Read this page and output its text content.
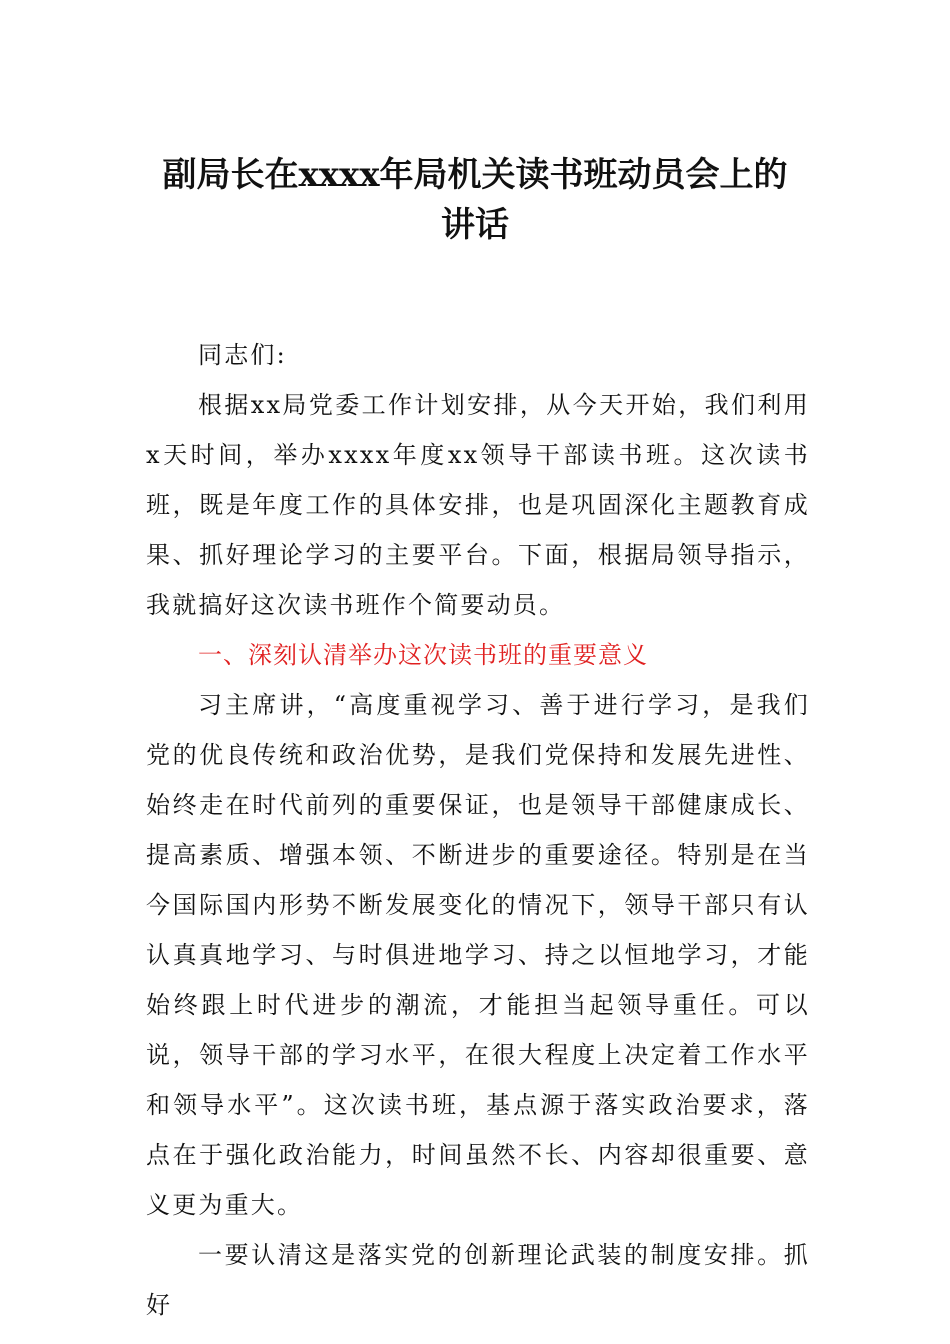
副局长在xxxx年局机关读书班动员会上的
讲话

同志们:

根据xx局党委工作计划安排，从今天开始，我们利用x天时间，举办xxxx年度xx领导干部读书班。这次读书班，既是年度工作的具体安排，也是巩固深化主题教育成果、抓好理论学习的主要平台。下面，根据局领导指示，我就搞好这次读书班作个简要动员。

一、深刻认清举办这次读书班的重要意义

习主席讲，“高度重视学习、善于进行学习，是我们党的优良传统和政治优势，是我们党保持和发展先进性、始终走在时代前列的重要保证，也是领导干部健康成长、提高素质、增强本领、不断进步的重要途径。特别是在当今国际国内形势不断发展变化的情况下，领导干部只有认认真真地学习、与时俱进地学习、持之以恒地学习，才能始终跟上时代进步的潮流，才能担当起领导重任。可以说，领导干部的学习水平，在很大程度上决定着工作水平和领导水平”。这次读书班，基点源于落实政治要求，落点在于强化政治能力，时间虽然不长、内容却很重要、意义更为重大。

一要认清这是落实党的创新理论武装的制度安排。抓好
